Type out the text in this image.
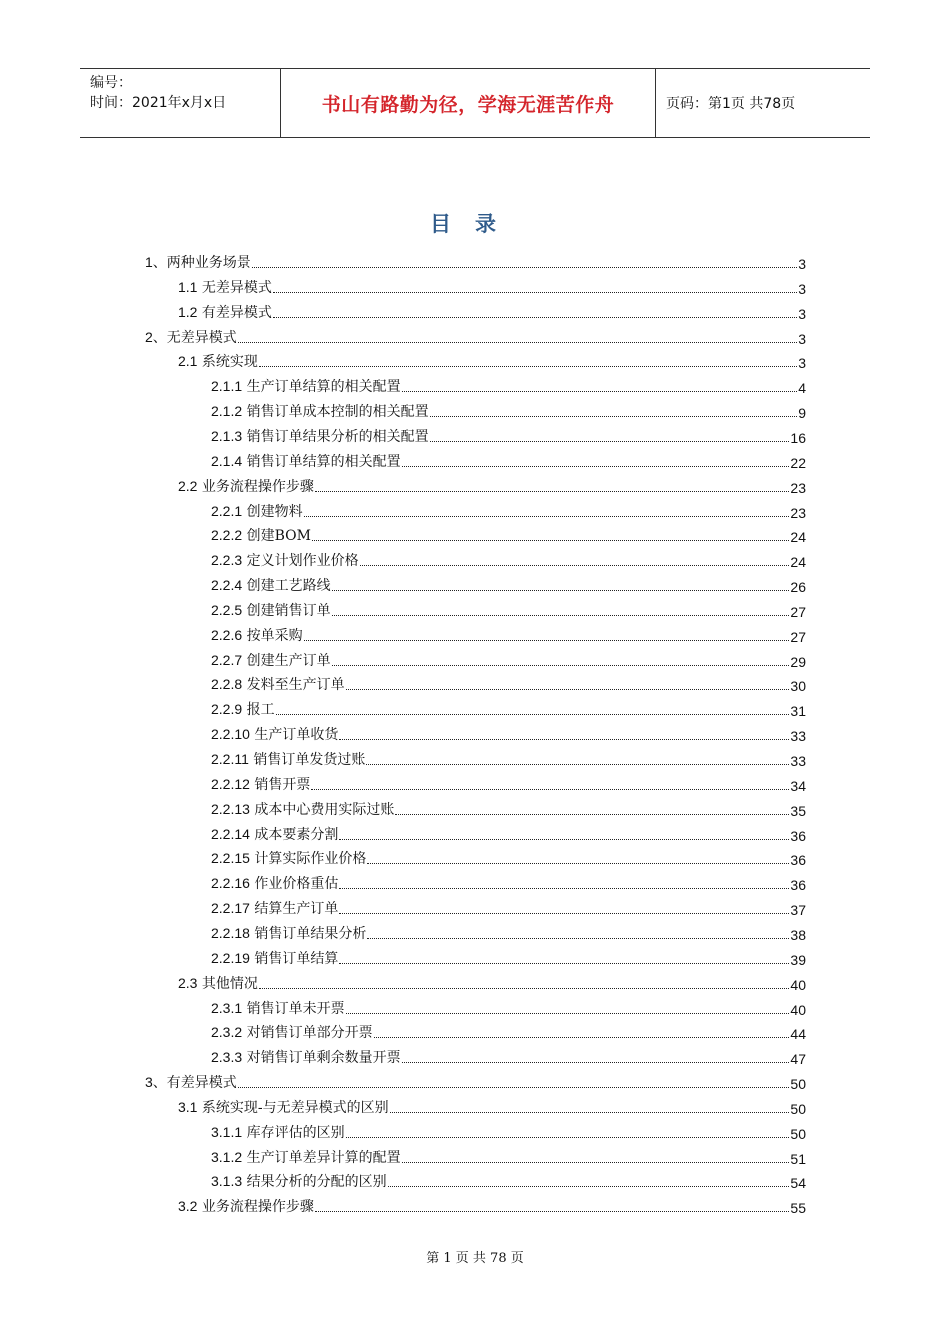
编号：
时间：2021年x月x日	书山有路勤为径，学海无涯苦作舟	页码：第1页 共78页
目录
1、两种业务场景	3
1.1 无差异模式	3
1.2 有差异模式	3
2、无差异模式	3
2.1 系统实现	3
2.1.1 生产订单结算的相关配置	4
2.1.2 销售订单成本控制的相关配置	9
2.1.3 销售订单结果分析的相关配置	16
2.1.4 销售订单结算的相关配置	22
2.2 业务流程操作步骤	23
2.2.1 创建物料	23
2.2.2 创建BOM	24
2.2.3 定义计划作业价格	24
2.2.4 创建工艺路线	26
2.2.5 创建销售订单	27
2.2.6 按单采购	27
2.2.7 创建生产订单	29
2.2.8 发料至生产订单	30
2.2.9 报工	31
2.2.10 生产订单收货	33
2.2.11 销售订单发货过账	33
2.2.12 销售开票	34
2.2.13 成本中心费用实际过账	35
2.2.14 成本要素分割	36
2.2.15 计算实际作业价格	36
2.2.16 作业价格重估	36
2.2.17 结算生产订单	37
2.2.18 销售订单结果分析	38
2.2.19 销售订单结算	39
2.3 其他情况	40
2.3.1 销售订单未开票	40
2.3.2 对销售订单部分开票	44
2.3.3 对销售订单剩余数量开票	47
3、有差异模式	50
3.1 系统实现-与无差异模式的区别	50
3.1.1 库存评估的区别	50
3.1.2 生产订单差异计算的配置	51
3.1.3 结果分析的分配的区别	54
3.2 业务流程操作步骤	55
第 1 页 共 78 页
